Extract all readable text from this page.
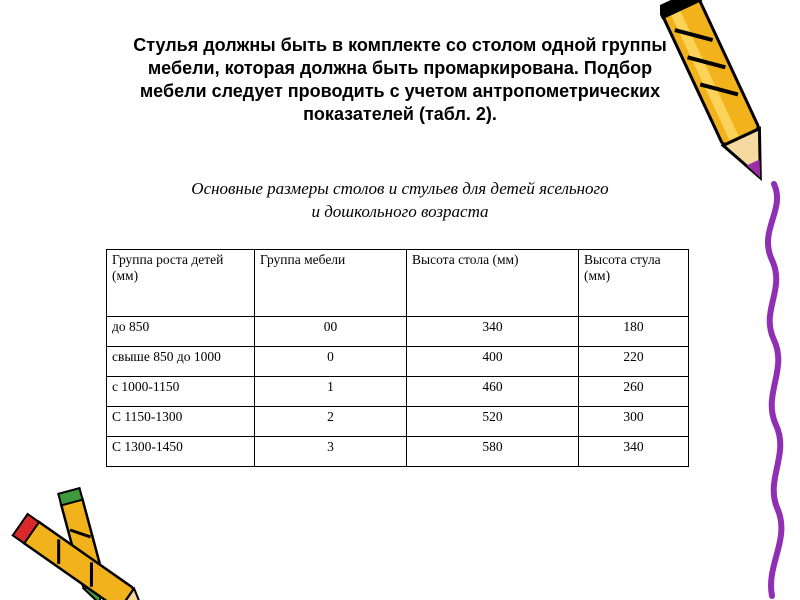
Стулья должны быть в комплекте со столом одной группы мебели, которая должна быть промаркирована. Подбор мебели следует проводить с учетом антропометрических показателей (табл. 2).
Основные размеры столов и стульев для детей ясельного
и дошкольного возраста
Группа роста детей (мм)	Группа мебели	Высота стола (мм)	Высота стула (мм)
до 850	00	340	180
свыше 850 до 1000	0	400	220
с 1000-1150	1	460	260
С 1150-1300	2	520	300
С 1300-1450	3	580	340
